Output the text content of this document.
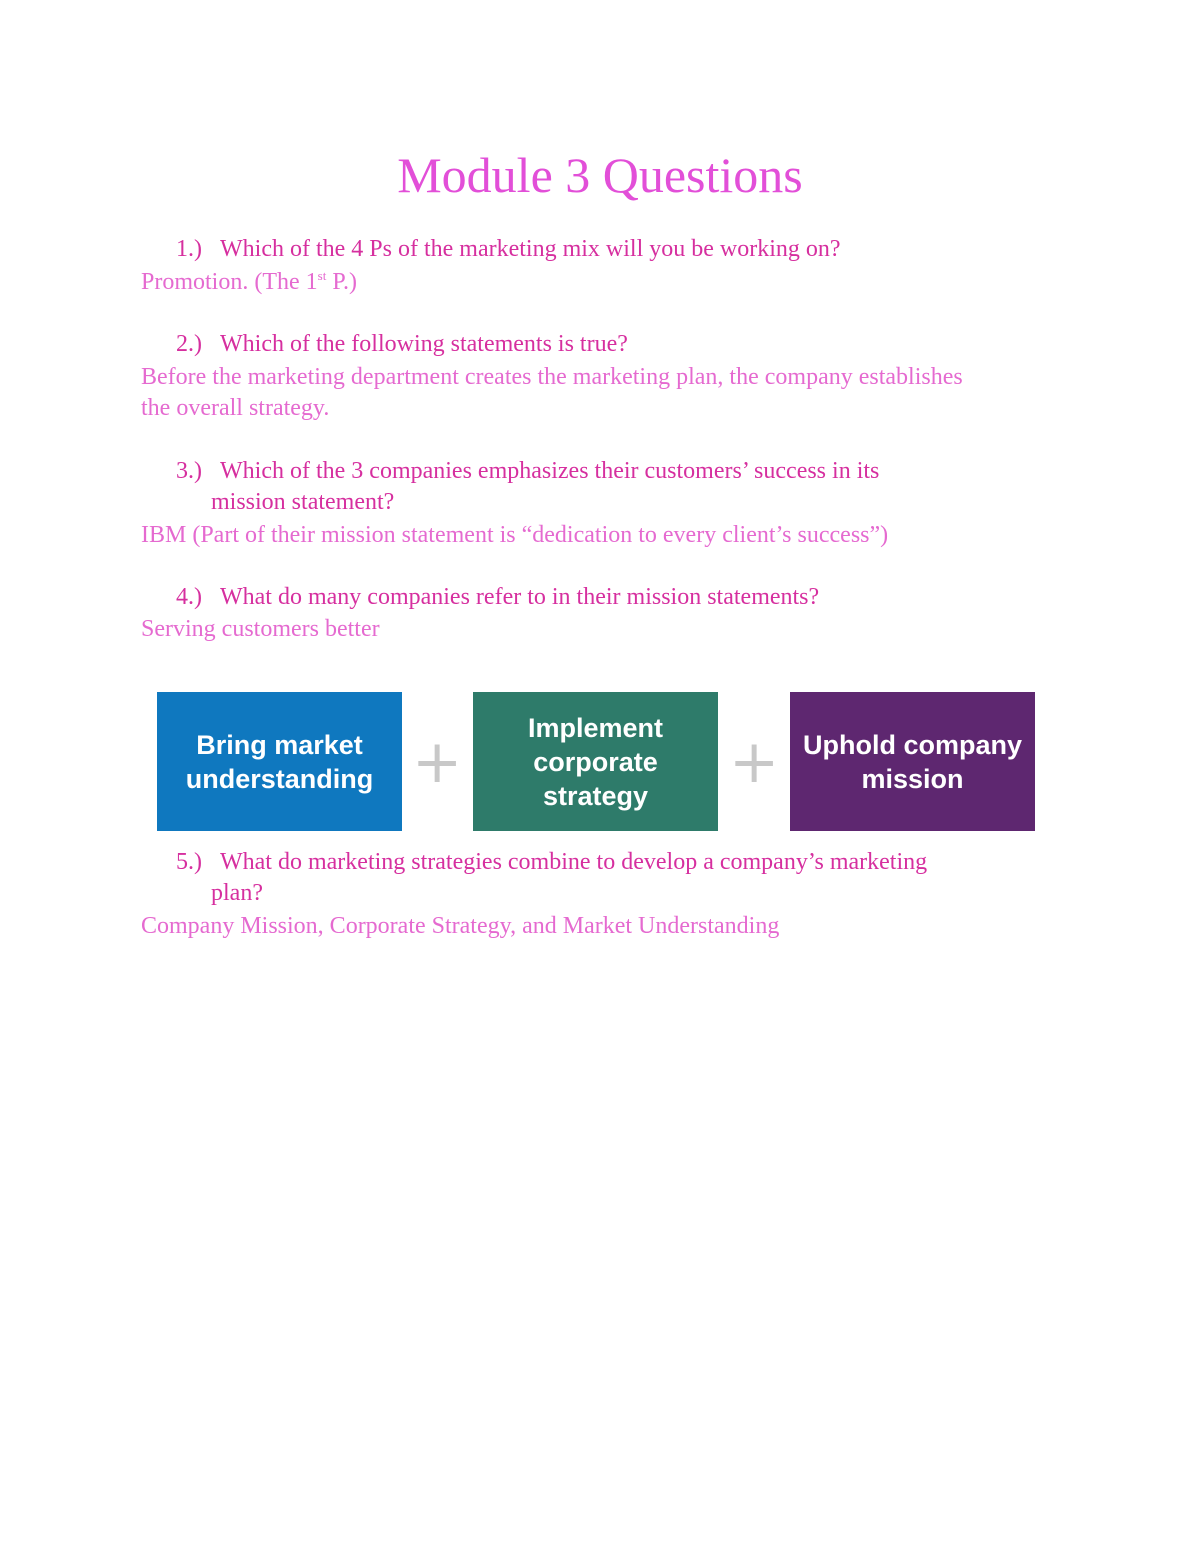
Module 3 Questions
1.) Which of the 4 Ps of the marketing mix will you be working on?
Promotion. (The 1st P.)
2.) Which of the following statements is true?
Before the marketing department creates the marketing plan, the company establishes the overall strategy.
3.) Which of the 3 companies emphasizes their customers’ success in its
mission statement?
IBM (Part of their mission statement is “dedication to every client’s success”)
4.) What do many companies refer to in their mission statements?
Serving customers better
Bring market understanding +	Implement corporate strategy	+ Uphold company mission
5.) What do marketing strategies combine to develop a company’s marketing
plan?
Company Mission, Corporate Strategy, and Market Understanding
